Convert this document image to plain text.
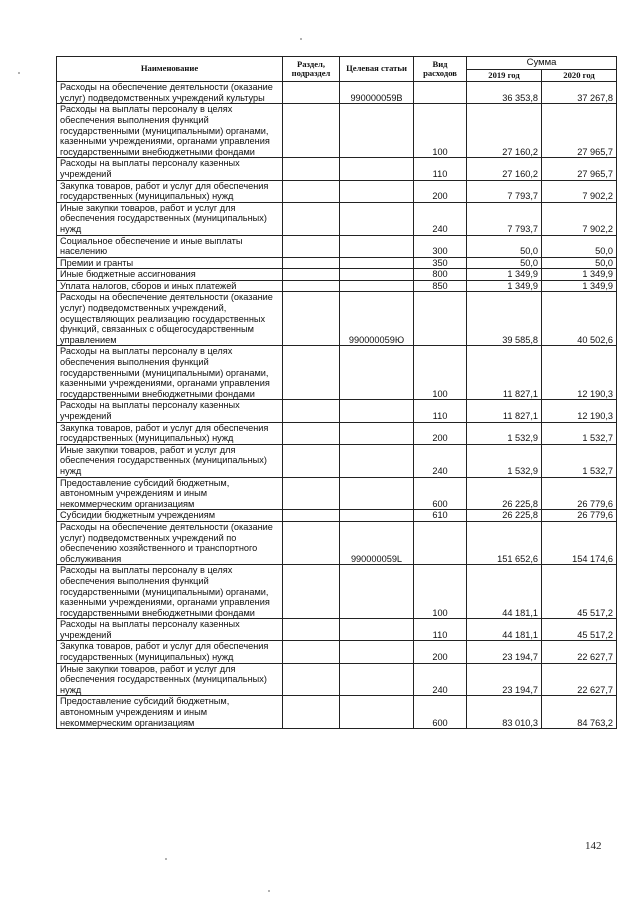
Наименование	Раздел, подраздел	Целевая статьи	Вид расходов	Сумма	
				2019 год	2020 год
Расходы на обеспечение деятельности (оказание услуг) подведомственных учреждений культуры		990000059В		36 353,8	37 267,8
Расходы на выплаты персоналу в целях обеспечения выполнения функций государственными (муниципальными) органами, казенными учреждениями, органами управления государственными внебюджетными фондами			100	27 160,2	27 965,7
Расходы на выплаты персоналу казенных учреждений			110	27 160,2	27 965,7
Закупка товаров, работ и услуг для обеспечения государственных (муниципальных) нужд			200	7 793,7	7 902,2
Иные закупки товаров, работ и услуг для обеспечения государственных (муниципальных) нужд			240	7 793,7	7 902,2
Социальное обеспечение и иные выплаты населению			300	50,0	50,0
Премии и гранты			350	50,0	50,0
Иные бюджетные ассигнования			800	1 349,9	1 349,9
Уплата налогов, сборов и иных платежей			850	1 349,9	1 349,9
Расходы на обеспечение деятельности (оказание услуг) подведомственных учреждений, осуществляющих реализацию государственных функций, связанных с общегосударственным управлением		990000059Ю		39 585,8	40 502,6
Расходы на выплаты персоналу в целях обеспечения выполнения функций государственными (муниципальными) органами, казенными учреждениями, органами управления государственными внебюджетными фондами			100	11 827,1	12 190,3
Расходы на выплаты персоналу казенных учреждений			110	11 827,1	12 190,3
Закупка товаров, работ и услуг для обеспечения государственных (муниципальных) нужд			200	1 532,9	1 532,7
Иные закупки товаров, работ и услуг для обеспечения государственных (муниципальных) нужд			240	1 532,9	1 532,7
Предоставление субсидий бюджетным, автономным учреждениям и иным некоммерческим организациям			600	26 225,8	26 779,6
Субсидии бюджетным учреждениям			610	26 225,8	26 779,6
Расходы на обеспечение деятельности (оказание услуг) подведомственных учреждений по обеспечению хозяйственного и транспортного обслуживания		990000059L		151 652,6	154 174,6
Расходы на выплаты персоналу в целях обеспечения выполнения функций государственными (муниципальными) органами, казенными учреждениями, органами управления государственными внебюджетными фондами			100	44 181,1	45 517,2
Расходы на выплаты персоналу казенных учреждений			110	44 181,1	45 517,2
Закупка товаров, работ и услуг для обеспечения государственных (муниципальных) нужд			200	23 194,7	22 627,7
Иные закупки товаров, работ и услуг для обеспечения государственных (муниципальных) нужд			240	23 194,7	22 627,7
Предоставление субсидий бюджетным, автономным учреждениям и иным некоммерческим организациям			600	83 010,3	84 763,2
142
